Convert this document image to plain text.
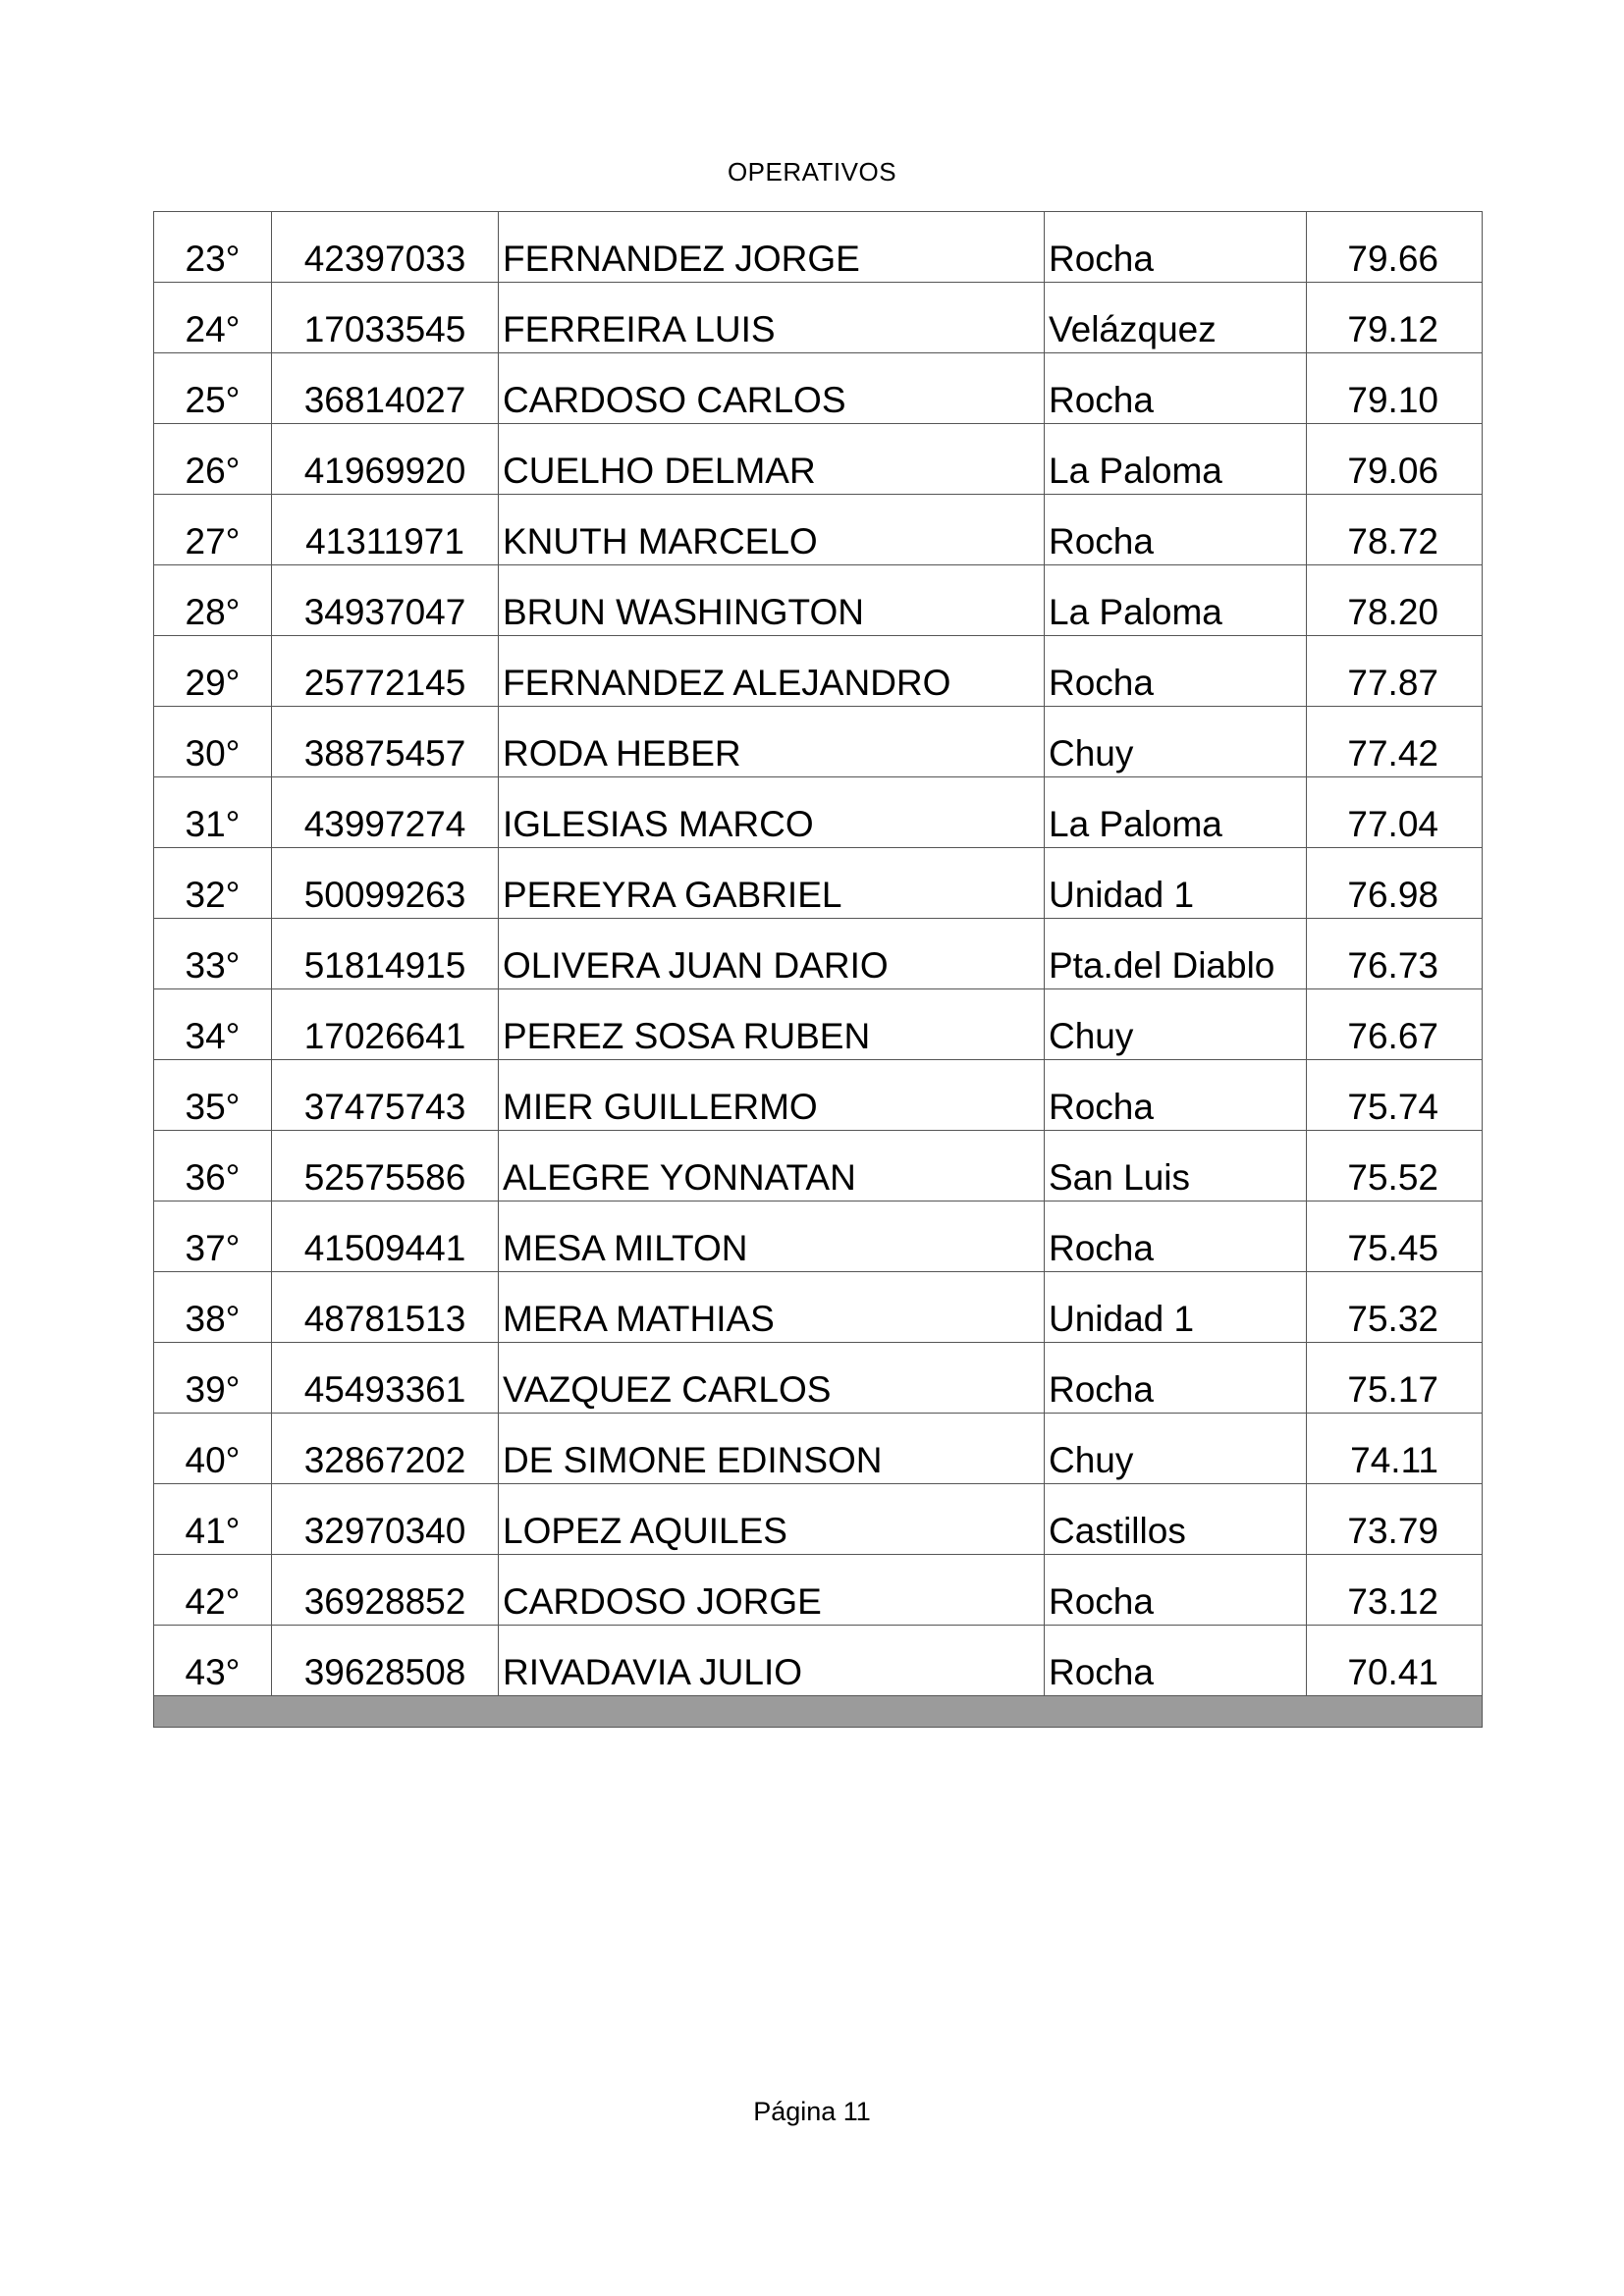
OPERATIVOS
23°	42397033	FERNANDEZ JORGE	Rocha	79.66
24°	17033545	FERREIRA LUIS	Velázquez	79.12
25°	36814027	CARDOSO CARLOS	Rocha	79.10
26°	41969920	CUELHO DELMAR	La Paloma	79.06
27°	41311971	KNUTH MARCELO	Rocha	78.72
28°	34937047	BRUN WASHINGTON	La Paloma	78.20
29°	25772145	FERNANDEZ ALEJANDRO	Rocha	77.87
30°	38875457	RODA HEBER	Chuy	77.42
31°	43997274	IGLESIAS MARCO	La Paloma	77.04
32°	50099263	PEREYRA GABRIEL	Unidad 1	76.98
33°	51814915	OLIVERA JUAN DARIO	Pta.del Diablo	76.73
34°	17026641	PEREZ SOSA RUBEN	Chuy	76.67
35°	37475743	MIER GUILLERMO	Rocha	75.74
36°	52575586	ALEGRE YONNATAN	San Luis	75.52
37°	41509441	MESA MILTON	Rocha	75.45
38°	48781513	MERA MATHIAS	Unidad 1	75.32
39°	45493361	VAZQUEZ CARLOS	Rocha	75.17
40°	32867202	DE SIMONE EDINSON	Chuy	74.11
41°	32970340	LOPEZ AQUILES	Castillos	73.79
42°	36928852	CARDOSO JORGE	Rocha	73.12
43°	39628508	RIVADAVIA JULIO	Rocha	70.41

Página 11
